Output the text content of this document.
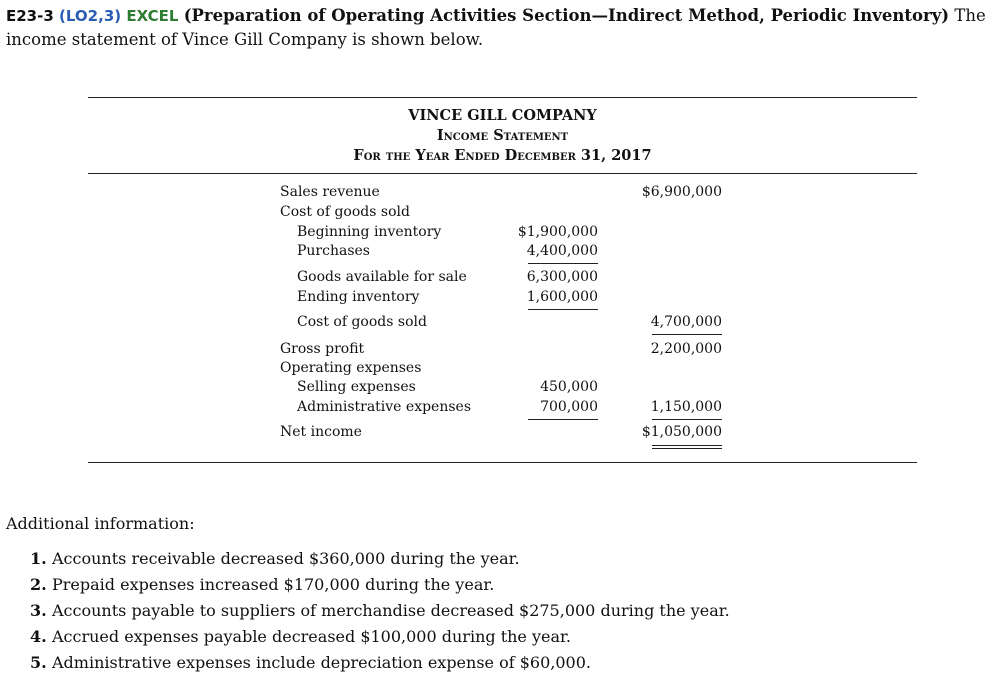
E23-3 (LO2,3) EXCEL (Preparation of Operating Activities Section—Indirect Method, Periodic Inventory) The income statement of Vince Gill Company is shown below.
VINCE GILL COMPANY
Income Statement
For the Year Ended December 31, 2017
Sales revenue	$6,900,000
Cost of goods sold
Beginning inventory	$1,900,000
Purchases	4,400,000
Goods available for sale	6,300,000
Ending inventory	1,600,000
Cost of goods sold	4,700,000
Gross profit	2,200,000
Operating expenses
Selling expenses	450,000
Administrative expenses	700,000	1,150,000
Net income	$1,050,000
Additional information:
1. Accounts receivable decreased $360,000 during the year.
2. Prepaid expenses increased $170,000 during the year.
3. Accounts payable to suppliers of merchandise decreased $275,000 during the year.
4. Accrued expenses payable decreased $100,000 during the year.
5. Administrative expenses include depreciation expense of $60,000.
